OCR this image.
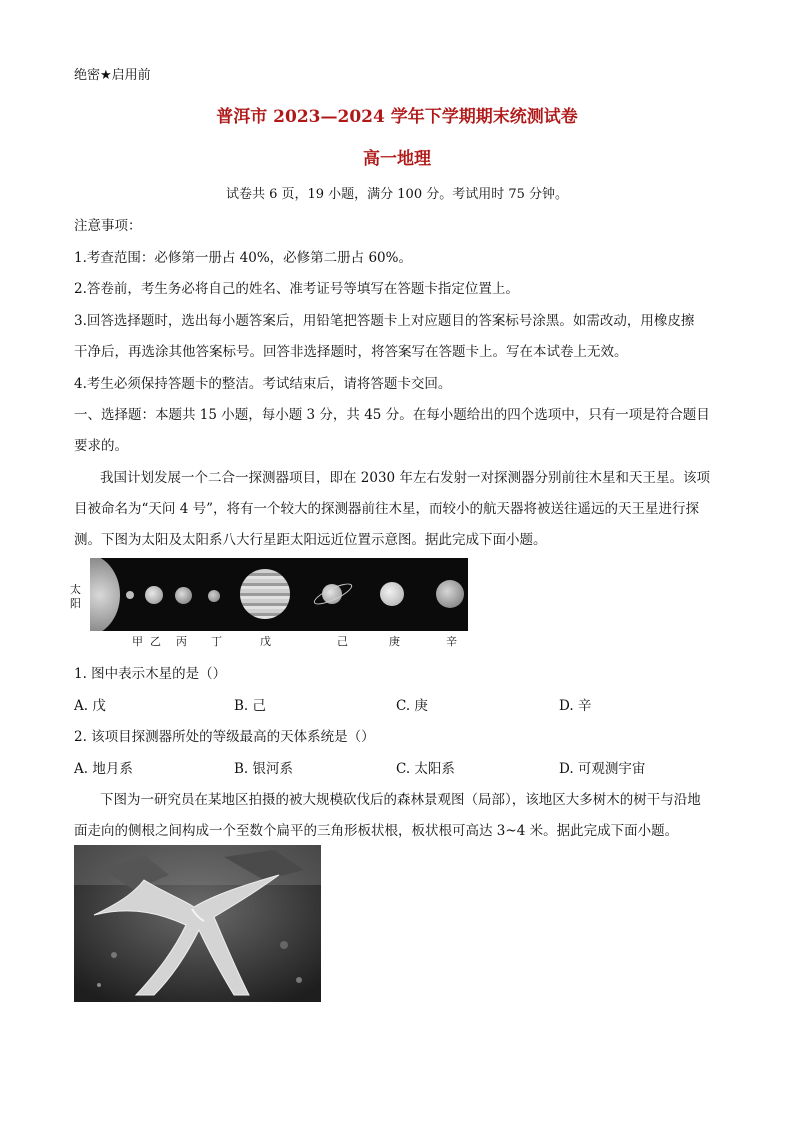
绝密★启用前
普洱市 2023—2024 学年下学期期末统测试卷
高一地理
试卷共 6 页，19 小题，满分 100 分。考试用时 75 分钟。
注意事项：
1.考查范围：必修第一册占 40%，必修第二册占 60%。
2.答卷前，考生务必将自己的姓名、准考证号等填写在答题卡指定位置上。
3.回答选择题时，选出每小题答案后，用铅笔把答题卡上对应题目的答案标号涂黑。如需改动，用橡皮擦
干净后，再选涂其他答案标号。回答非选择题时，将答案写在答题卡上。写在本试卷上无效。
4.考生必须保持答题卡的整洁。考试结束后，请将答题卡交回。
一、选择题：本题共 15 小题，每小题 3 分，共 45 分。在每小题给出的四个选项中，只有一项是符合题目
要求的。
我国计划发展一个二合一探测器项目，即在 2030 年左右发射一对探测器分别前往木星和天王星。该项
目被命名为“天问 4 号”，将有一个较大的探测器前往木星，而较小的航天器将被送往遥远的天王星进行探
测。下图为太阳及太阳系八大行星距太阳远近位置示意图。据此完成下面小题。
太阳
甲 乙 丙 丁	戊	己	庚	辛
1. 图中表示木星的是（）
A. 戊	B. 己	C. 庚	D. 辛
2. 该项目探测器所处的等级最高的天体系统是（）
A. 地月系	B. 银河系	C. 太阳系	D. 可观测宇宙
下图为一研究员在某地区拍摄的被大规模砍伐后的森林景观图（局部），该地区大多树木的树干与沿地
面走向的侧根之间构成一个至数个扁平的三角形板状根，板状根可高达 3~4 米。据此完成下面小题。
